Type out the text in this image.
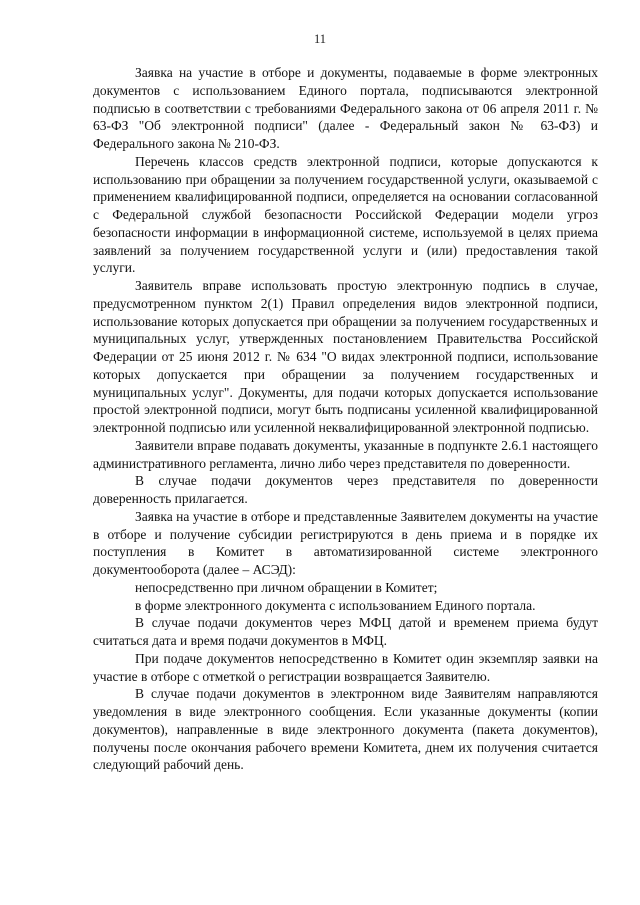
11

Заявка на участие в отборе и документы, подаваемые в форме электронных документов с использованием Единого портала, подписываются электронной подписью в соответствии с требованиями Федерального закона от 06 апреля 2011 г. № 63-ФЗ "Об электронной подписи" (далее - Федеральный закон № 63-ФЗ) и Федерального закона № 210-ФЗ.

Перечень классов средств электронной подписи, которые допускаются к использованию при обращении за получением государственной услуги, оказываемой с применением квалифицированной подписи, определяется на основании согласованной с Федеральной службой безопасности Российской Федерации модели угроз безопасности информации в информационной системе, используемой в целях приема заявлений за получением государственной услуги и (или) предоставления такой услуги.

Заявитель вправе использовать простую электронную подпись в случае, предусмотренном пунктом 2(1) Правил определения видов электронной подписи, использование которых допускается при обращении за получением государственных и муниципальных услуг, утвержденных постановлением Правительства Российской Федерации от 25 июня 2012 г. № 634 "О видах электронной подписи, использование которых допускается при обращении за получением государственных и муниципальных услуг". Документы, для подачи которых допускается использование простой электронной подписи, могут быть подписаны усиленной квалифицированной электронной подписью или усиленной неквалифицированной электронной подписью.

Заявители вправе подавать документы, указанные в подпункте 2.6.1 настоящего административного регламента, лично либо через представителя по доверенности.

В случае подачи документов через представителя по доверенности доверенность прилагается.

Заявка на участие в отборе и представленные Заявителем документы на участие в отборе и получение субсидии регистрируются в день приема и в порядке их поступления в Комитет в автоматизированной системе электронного документооборота (далее – АСЭД):

непосредственно при личном обращении в Комитет;

в форме электронного документа с использованием Единого портала.

В случае подачи документов через МФЦ датой и временем приема будут считаться дата и время подачи документов в МФЦ.

При подаче документов непосредственно в Комитет один экземпляр заявки на участие в отборе с отметкой о регистрации возвращается Заявителю.

В случае подачи документов в электронном виде Заявителям направляются уведомления в виде электронного сообщения. Если указанные документы (копии документов), направленные в виде электронного документа (пакета документов), получены после окончания рабочего времени Комитета, днем их получения считается следующий рабочий день.
